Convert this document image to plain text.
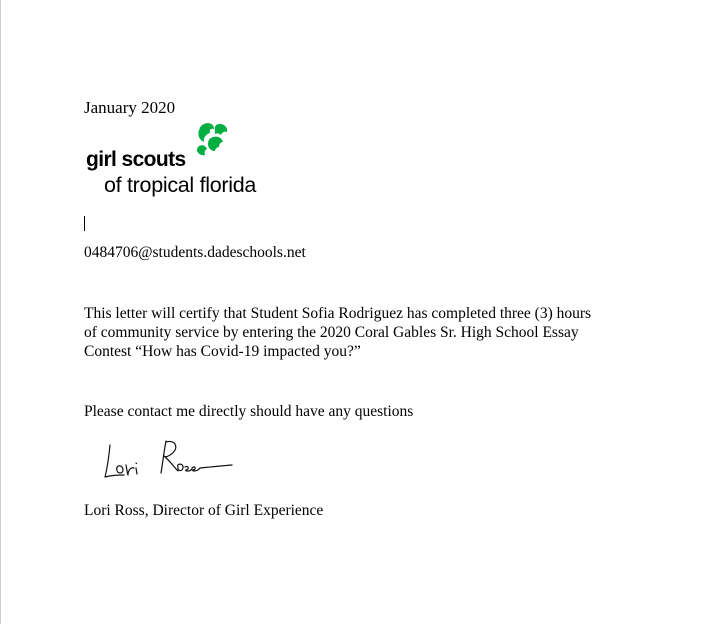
January 2020
girl scouts
of tropical florida
0484706@students.dadeschools.net
This letter will certify that Student Sofia Rodriguez has completed three (3) hours
of community service by entering the 2020 Coral Gables Sr. High School Essay
Contest “How has Covid-19 impacted you?”
Please contact me directly should have any questions
Lori Ross, Director of Girl Experience
